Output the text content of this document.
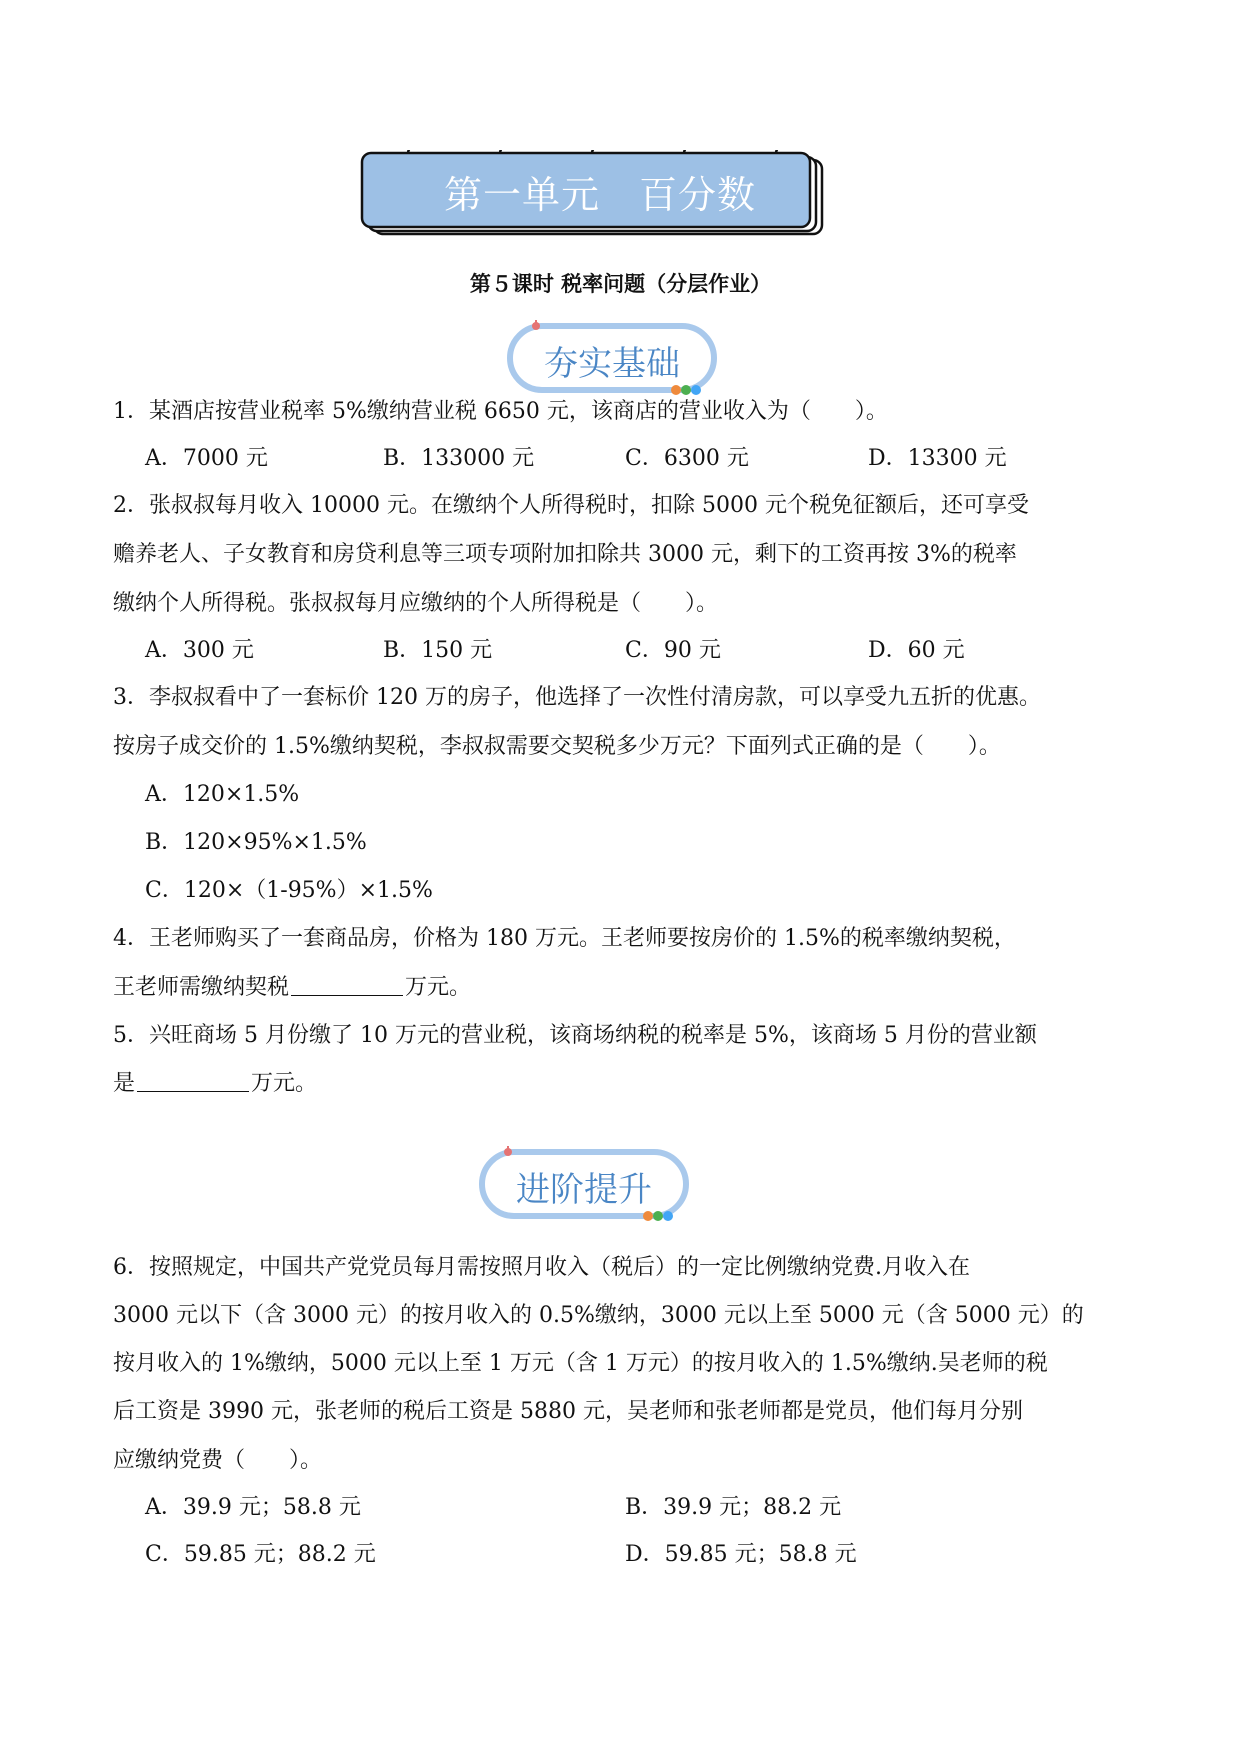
第一单元　百分数
第５课时 税率问题（分层作业）
夯实基础
1．某酒店按营业税率 5%缴纳营业税 6650 元，该商店的营业收入为（　　）。
A．7000 元	B．133000 元	C．6300 元	D．13300 元
2．张叔叔每月收入 10000 元。在缴纳个人所得税时，扣除 5000 元个税免征额后，还可享受
赡养老人、子女教育和房贷利息等三项专项附加扣除共 3000 元，剩下的工资再按 3%的税率
缴纳个人所得税。张叔叔每月应缴纳的个人所得税是（　　）。
A．300 元	B．150 元	C．90 元	D．60 元
3．李叔叔看中了一套标价 120 万的房子，他选择了一次性付清房款，可以享受九五折的优惠。
按房子成交价的 1.5%缴纳契税，李叔叔需要交契税多少万元？下面列式正确的是（　　）。
A．120×1.5%
B．120×95%×1.5%
C．120×（1-95%）×1.5%
4．王老师购买了一套商品房，价格为 180 万元。王老师要按房价的 1.5%的税率缴纳契税，
王老师需缴纳契税	万元。
5．兴旺商场 5 月份缴了 10 万元的营业税，该商场纳税的税率是 5%，该商场 5 月份的营业额
是	万元。
进阶提升
6．按照规定，中国共产党党员每月需按照月收入（税后）的一定比例缴纳党费.月收入在
3000 元以下（含 3000 元）的按月收入的 0.5%缴纳，3000 元以上至 5000 元（含 5000 元）的
按月收入的 1%缴纳，5000 元以上至 1 万元（含 1 万元）的按月收入的 1.5%缴纳.吴老师的税
后工资是 3990 元，张老师的税后工资是 5880 元，吴老师和张老师都是党员，他们每月分别
应缴纳党费（　　）。
A．39.9 元；58.8 元	B．39.9 元；88.2 元
C．59.85 元；88.2 元	D．59.85 元；58.8 元
